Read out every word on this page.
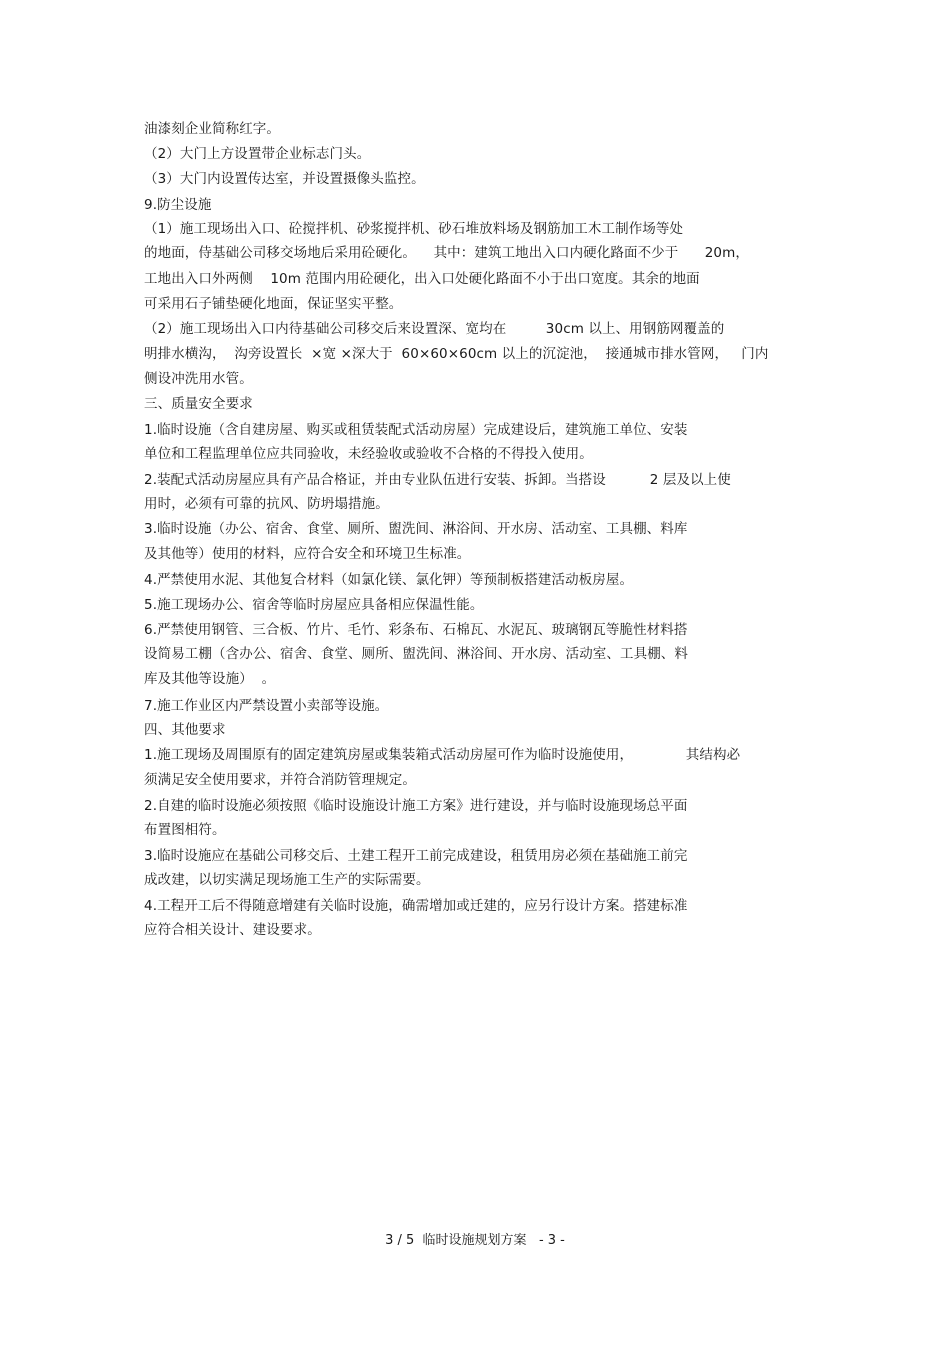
油漆刻企业简称红字。
（2）大门上方设置带企业标志门头。
（3）大门内设置传达室，并设置摄像头监控。
9.防尘设施
（1）施工现场出入口、砼搅拌机、砂浆搅拌机、砂石堆放料场及钢筋加工木工制作场等处
的地面，侍基础公司移交场地后采用砼硬化。    其中：建筑工地出入口内硬化路面不少于      20m，
工地出入口外两侧    10m 范围内用砼硬化，出入口处硬化路面不小于出口宽度。其余的地面
可采用石子铺垫硬化地面，保证坚实平整。
（2）施工现场出入口内待基础公司移交后来设置深、宽均在         30cm 以上、用钢筋网覆盖的
明排水横沟，  沟旁设置长  ×宽 ×深大于  60×60×60cm 以上的沉淀池，  接通城市排水管网，   门内
侧设冲洗用水管。
三、质量安全要求
1.临时设施（含自建房屋、购买或租赁装配式活动房屋）完成建设后，建筑施工单位、安装
单位和工程监理单位应共同验收，未经验收或验收不合格的不得投入使用。
2.装配式活动房屋应具有产品合格证，并由专业队伍进行安装、拆卸。当搭设          2 层及以上使
用时，必须有可靠的抗风、防坍塌措施。
3.临时设施（办公、宿舍、食堂、厕所、盥洗间、淋浴间、开水房、活动室、工具棚、料库
及其他等）使用的材料，应符合安全和环境卫生标准。
4.严禁使用水泥、其他复合材料（如氯化镁、氯化钾）等预制板搭建活动板房屋。
5.施工现场办公、宿舍等临时房屋应具备相应保温性能。
6.严禁使用钢管、三合板、竹片、毛竹、彩条布、石棉瓦、水泥瓦、玻璃钢瓦等脆性材料搭
设简易工棚（含办公、宿舍、食堂、厕所、盥洗间、淋浴间、开水房、活动室、工具棚、料
库及其他等设施）  。
7.施工作业区内严禁设置小卖部等设施。
四、其他要求
1.施工现场及周围原有的固定建筑房屋或集装箱式活动房屋可作为临时设施使用，            其结构必
须满足安全使用要求，并符合消防管理规定。
2.自建的临时设施必须按照《临时设施设计施工方案》进行建设，并与临时设施现场总平面
布置图相符。
3.临时设施应在基础公司移交后、土建工程开工前完成建设，租赁用房必须在基础施工前完
成改建，以切实满足现场施工生产的实际需要。
4.工程开工后不得随意增建有关临时设施，确需增加或迁建的，应另行设计方案。搭建标准
应符合相关设计、建设要求。
3 / 5  临时设施规划方案   - 3 -
